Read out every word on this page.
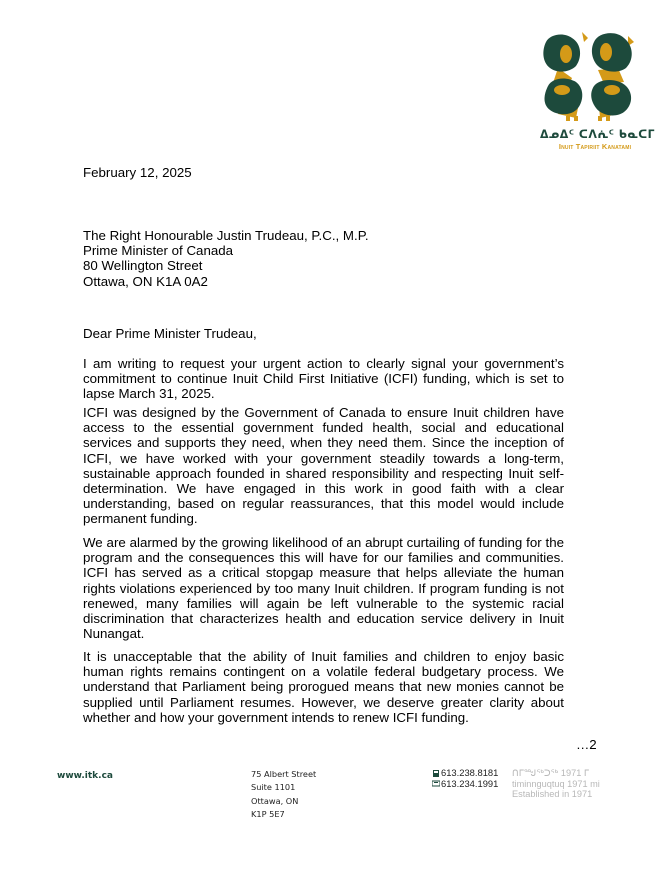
ᐃᓄᐃᑦ ᑕᐱᕇᑦ ᑲᓇᑕᒥ
Inuit Tapiriit Kanatami
February 12, 2025
The Right Honourable Justin Trudeau, P.C., M.P.
Prime Minister of Canada
80 Wellington Street
Ottawa, ON K1A 0A2
Dear Prime Minister Trudeau,
I am writing to request your urgent action to clearly signal your government’s commitment to continue Inuit Child First Initiative (ICFI) funding, which is set to lapse March 31, 2025.
ICFI was designed by the Government of Canada to ensure Inuit children have access to the essential government funded health, social and educational services and supports they need, when they need them. Since the inception of ICFI, we have worked with your government steadily towards a long-term, sustainable approach founded in shared responsibility and respecting Inuit self-determination. We have engaged in this work in good faith with a clear understanding, based on regular reassurances, that this model would include permanent funding.
We are alarmed by the growing likelihood of an abrupt curtailing of funding for the program and the consequences this will have for our families and communities. ICFI has served as a critical stopgap measure that helps alleviate the human rights violations experienced by too many Inuit children. If program funding is not renewed, many families will again be left vulnerable to the systemic racial discrimination that characterizes health and education service delivery in Inuit Nunangat.
It is unacceptable that the ability of Inuit families and children to enjoy basic human rights remains contingent on a volatile federal budgetary process. We understand that Parliament being prorogued means that new monies cannot be supplied until Parliament resumes. However, we deserve greater clarity about whether and how your government intends to renew ICFI funding.
…2
www.itk.ca	75 Albert Street
Suite 1101
Ottawa, ON
K1P 5E7
613.238.8181
613.234.1991
ᑎᒥᙳᖅᑐᖅ 1971 ᒥ
timinnguqtuq 1971 mi
Established in 1971
